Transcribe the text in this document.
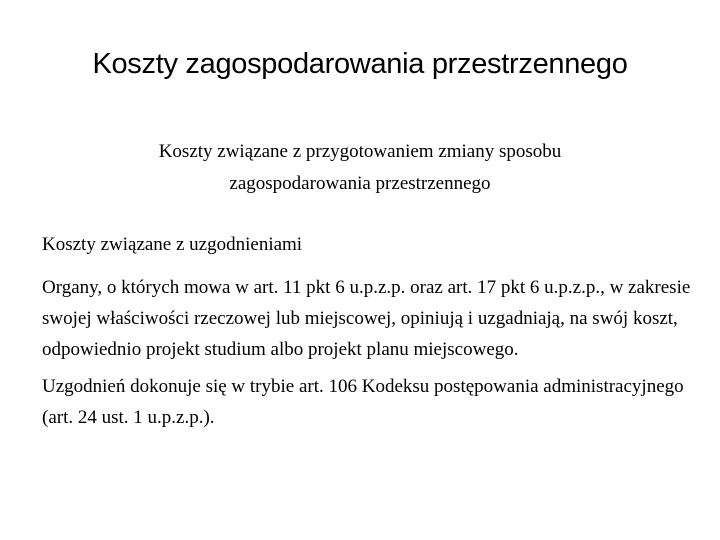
Koszty zagospodarowania przestrzennego
Koszty związane z przygotowaniem zmiany sposobu
zagospodarowania przestrzennego
Koszty związane z uzgodnieniami
Organy, o których mowa w art. 11 pkt 6 u.p.z.p. oraz art. 17 pkt 6 u.p.z.p., w zakresie swojej właściwości rzeczowej lub miejscowej, opiniują i uzgadniają, na swój koszt, odpowiednio projekt studium albo projekt planu miejscowego.
Uzgodnień dokonuje się w trybie art. 106 Kodeksu postępowania administracyjnego (art. 24 ust. 1 u.p.z.p.).
